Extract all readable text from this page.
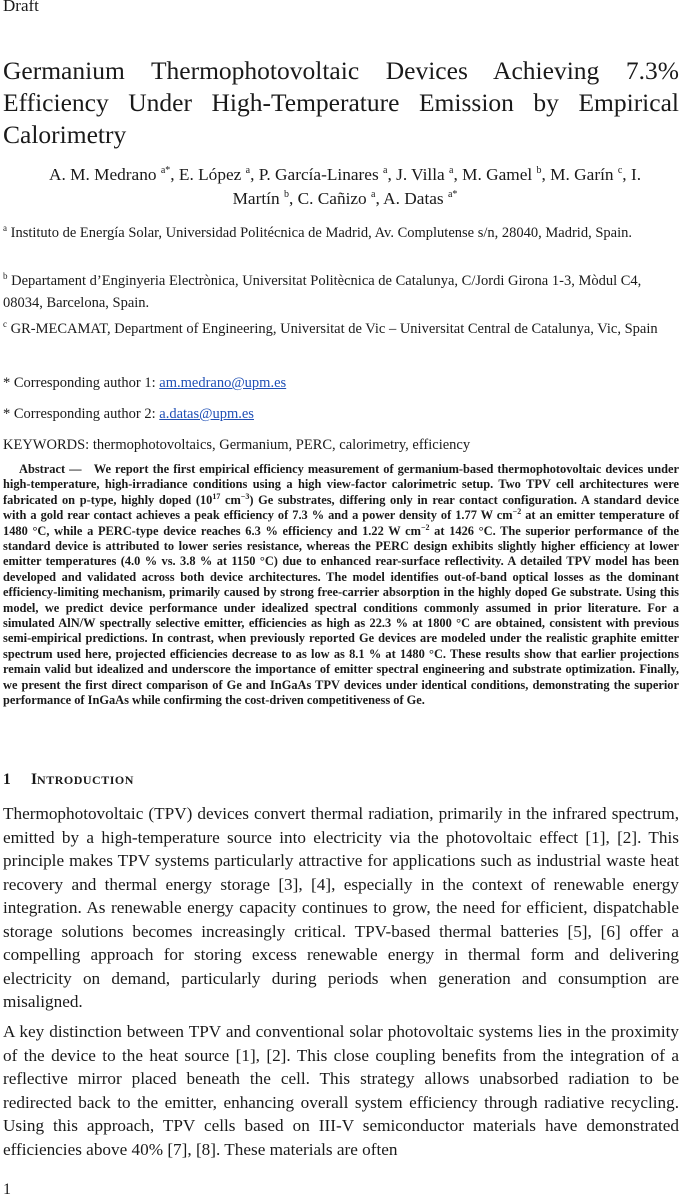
Draft
Germanium Thermophotovoltaic Devices Achieving 7.3% Efficiency Under High-Temperature Emission by Empirical Calorimetry
A. M. Medrano $^{a*}$, E. López $^a$, P. García-Linares $^a$, J. Villa $^a$, M. Gamel $^b$, M. Garín $^c$, I. Martín $^b$, C. Cañizo $^a$, A. Datas $^{a*}$
$^a$ Instituto de Energía Solar, Universidad Politécnica de Madrid, Av. Complutense s/n, 28040, Madrid, Spain.
$^b$ Departament d’Enginyeria Electrònica, Universitat Politècnica de Catalunya, C/Jordi Girona 1-3, Mòdul C4, 08034, Barcelona, Spain.
$^c$ GR-MECAMAT, Department of Engineering, Universitat de Vic – Universitat Central de Catalunya, Vic, Spain
* Corresponding author 1: am.medrano@upm.es
* Corresponding author 2: a.datas@upm.es
KEYWORDS: thermophotovoltaics, Germanium, PERC, calorimetry, efficiency
Abstract — We report the first empirical efficiency measurement of germanium-based thermophotovoltaic devices under high-temperature, high-irradiance conditions using a high view-factor calorimetric setup. Two TPV cell architectures were fabricated on p-type, highly doped ($10^{17}$ $cm^{-3}$) Ge substrates, differing only in rear contact configuration. A standard device with a gold rear contact achieves a peak efficiency of 7.3 % and a power density of 1.77 W $cm^{-2}$ at an emitter temperature of 1480 °C, while a PERC-type device reaches 6.3 % efficiency and 1.22 W $cm^{-2}$ at 1426 °C. The superior performance of the standard device is attributed to lower series resistance, whereas the PERC design exhibits slightly higher efficiency at lower emitter temperatures (4.0 % vs. 3.8 % at 1150 °C) due to enhanced rear-surface reflectivity. A detailed TPV model has been developed and validated across both device architectures. The model identifies out-of-band optical losses as the dominant efficiency-limiting mechanism, primarily caused by strong free-carrier absorption in the highly doped Ge substrate. Using this model, we predict device performance under idealized spectral conditions commonly assumed in prior literature. For a simulated AlN/W spectrally selective emitter, efficiencies as high as 22.3 % at 1800 °C are obtained, consistent with previous semi-empirical predictions. In contrast, when previously reported Ge devices are modeled under the realistic graphite emitter spectrum used here, projected efficiencies decrease to as low as 8.1 % at 1480 °C. These results show that earlier projections remain valid but idealized and underscore the importance of emitter spectral engineering and substrate optimization. Finally, we present the first direct comparison of Ge and InGaAs TPV devices under identical conditions, demonstrating the superior performance of InGaAs while confirming the cost-driven competitiveness of Ge.
1 INTRODUCTION
Thermophotovoltaic (TPV) devices convert thermal radiation, primarily in the infrared spectrum, emitted by a high-temperature source into electricity via the photovoltaic effect [1], [2]. This principle makes TPV systems particularly attractive for applications such as industrial waste heat recovery and thermal energy storage [3], [4], especially in the context of renewable energy integration. As renewable energy capacity continues to grow, the need for efficient, dispatchable storage solutions becomes increasingly critical. TPV-based thermal batteries [5], [6] offer a compelling approach for storing excess renewable energy in thermal form and delivering electricity on demand, particularly during periods when generation and consumption are misaligned.
A key distinction between TPV and conventional solar photovoltaic systems lies in the proximity of the device to the heat source [1], [2]. This close coupling benefits from the integration of a reflective mirror placed beneath the cell. This strategy allows unabsorbed radiation to be redirected back to the emitter, enhancing overall system efficiency through radiative recycling. Using this approach, TPV cells based on III-V semiconductor materials have demonstrated efficiencies above 40% [7], [8]. These materials are often
1
